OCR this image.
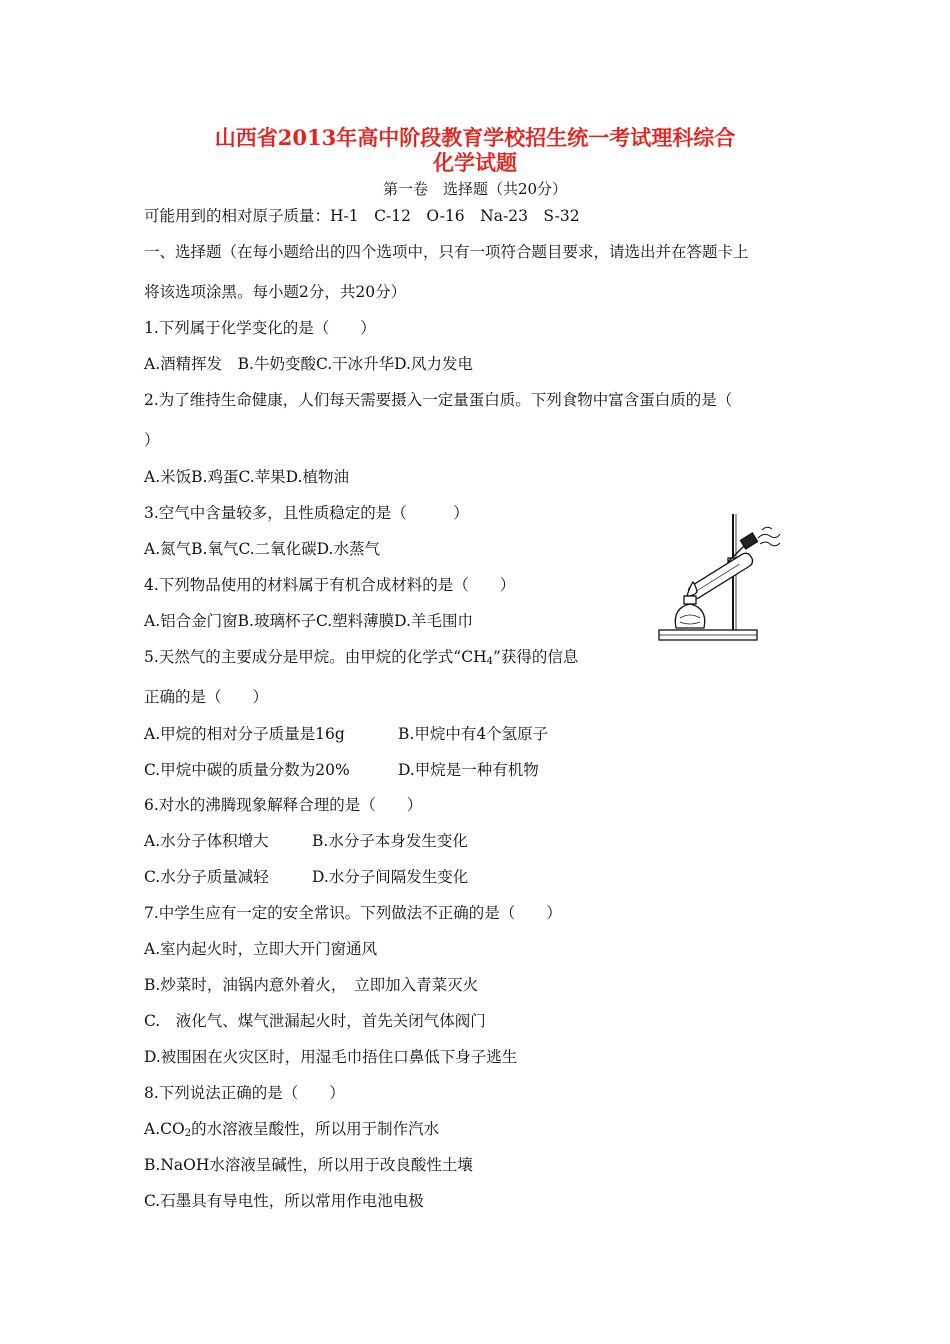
山西省2013年高中阶段教育学校招生统一考试理科综合
化学试题
第一卷　选择题（共20分）
可能用到的相对原子质量：H-1　C-12　O-16　Na-23　S-32
一、选择题（在每小题给出的四个选项中，只有一项符合题目要求，请选出并在答题卡上
将该选项涂黑。每小题2分，共20分）
1.下列属于化学变化的是（　　）
A.酒精挥发　B.牛奶变酸C.干冰升华D.风力发电
2.为了维持生命健康，人们每天需要摄入一定量蛋白质。下列食物中富含蛋白质的是（
）
A.米饭B.鸡蛋C.苹果D.植物油
3.空气中含量较多，且性质稳定的是（　　　）
A.氮气B.氧气C.二氧化碳D.水蒸气
4.下列物品使用的材料属于有机合成材料的是（　　）
A.铝合金门窗B.玻璃杯子C.塑料薄膜D.羊毛围巾
5.天然气的主要成分是甲烷。由甲烷的化学式“$CH_4$”获得的信息
正确的是（　　）
A.甲烷的相对分子质量是16g	B.甲烷中有4个氢原子
C.甲烷中碳的质量分数为20%	D.甲烷是一种有机物
6.对水的沸腾现象解释合理的是（　　）
A.水分子体积增大	B.水分子本身发生变化
C.水分子质量减轻	D.水分子间隔发生变化
7.中学生应有一定的安全常识。下列做法不正确的是（　　）
A.室内起火时，立即大开门窗通风
B.炒菜时，油锅内意外着火，　立即加入青菜灭火
C.　液化气、煤气泄漏起火时，首先关闭气体阀门
D.被围困在火灾区时，用湿毛巾捂住口鼻低下身子逃生
8.下列说法正确的是（　　）
$A.CO_2$的水溶液呈酸性，所以用于制作汽水
B.NaOH水溶液呈碱性，所以用于改良酸性土壤
C.石墨具有导电性，所以常用作电池电极
